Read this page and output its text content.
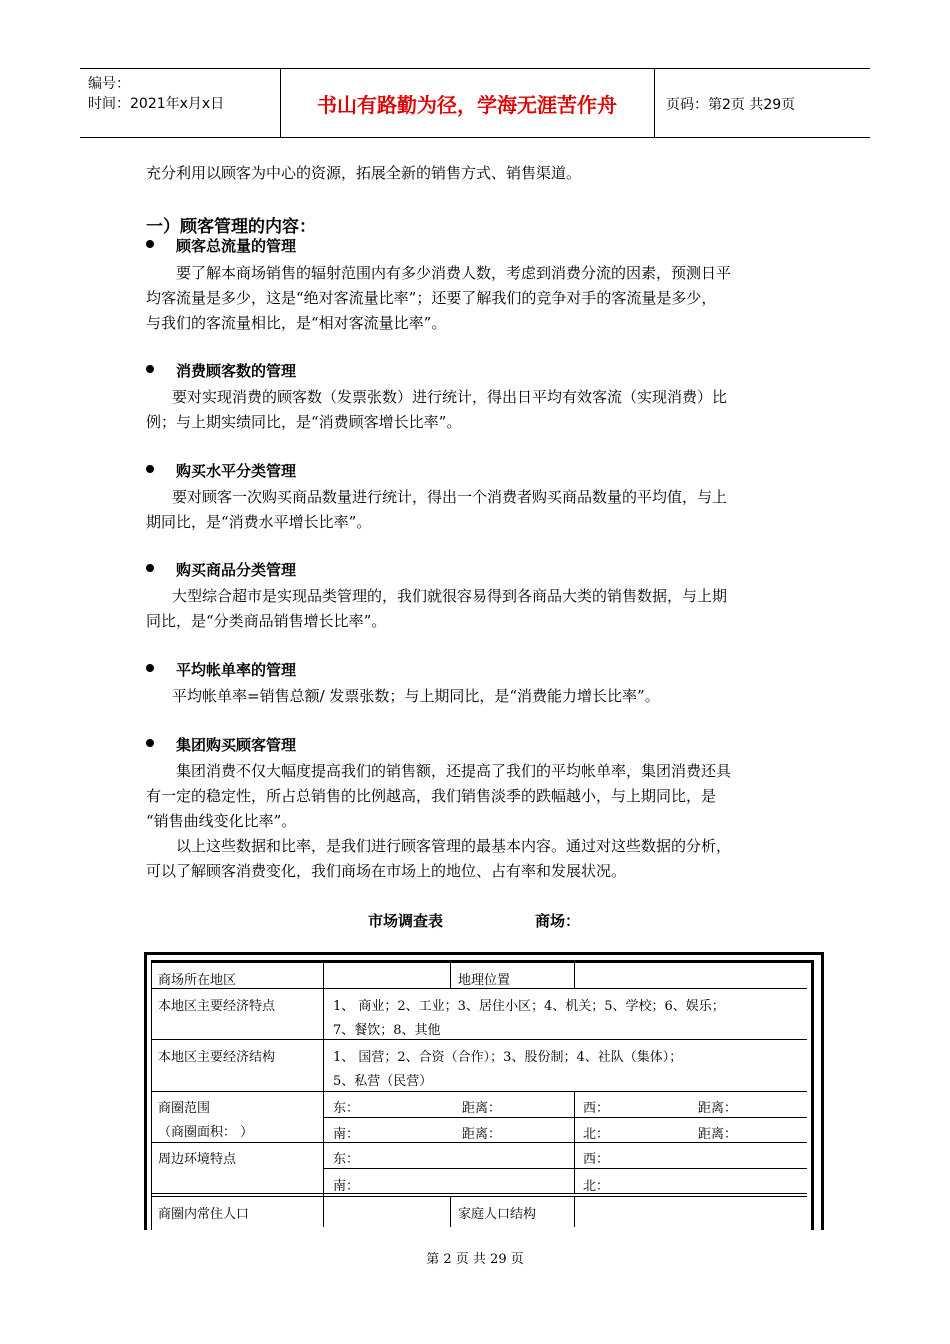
编号：
时间：2021年x月x日	书山有路勤为径，学海无涯苦作舟	页码：第2页 共29页
充分利用以顾客为中心的资源，拓展全新的销售方式、销售渠道。
一）顾客管理的内容：
顾客总流量的管理
要了解本商场销售的辐射范围内有多少消费人数，考虑到消费分流的因素，预测日平
均客流量是多少，这是“绝对客流量比率”；还要了解我们的竞争对手的客流量是多少，
与我们的客流量相比，是“相对客流量比率”。
消费顾客数的管理
要对实现消费的顾客数（发票张数）进行统计，得出日平均有效客流（实现消费）比
例；与上期实绩同比，是“消费顾客增长比率”。
购买水平分类管理
要对顾客一次购买商品数量进行统计，得出一个消费者购买商品数量的平均值，与上
期同比，是“消费水平增长比率”。
购买商品分类管理
大型综合超市是实现品类管理的，我们就很容易得到各商品大类的销售数据，与上期
同比，是“分类商品销售增长比率”。
平均帐单率的管理
平均帐单率=销售总额/ 发票张数；与上期同比，是“消费能力增长比率”。
集团购买顾客管理
集团消费不仅大幅度提高我们的销售额，还提高了我们的平均帐单率，集团消费还具
有一定的稳定性，所占总销售的比例越高，我们销售淡季的跌幅越小，与上期同比，是
“销售曲线变化比率”。
以上这些数据和比率，是我们进行顾客管理的最基本内容。通过对这些数据的分析，
可以了解顾客消费变化，我们商场在市场上的地位、占有率和发展状况。
市场调查表	商场：
商场所在地区	地理位置
本地区主要经济特点	1、 商业；2、工业；3、居住小区；4、机关；5、学校；6、娱乐；
7、餐饮；8、其他
本地区主要经济结构	1、 国营；2、合资（合作）；3、股份制；4、社队（集体）；
5、私营（民营）
商圈范围
（商圈面积： ）
东：	距离：	西：	距离：
南：	距离：	北：	距离：
周边环境特点	东：	西：
南：	北：
商圈内常住人口	家庭人口结构
第 2 页 共 29 页
